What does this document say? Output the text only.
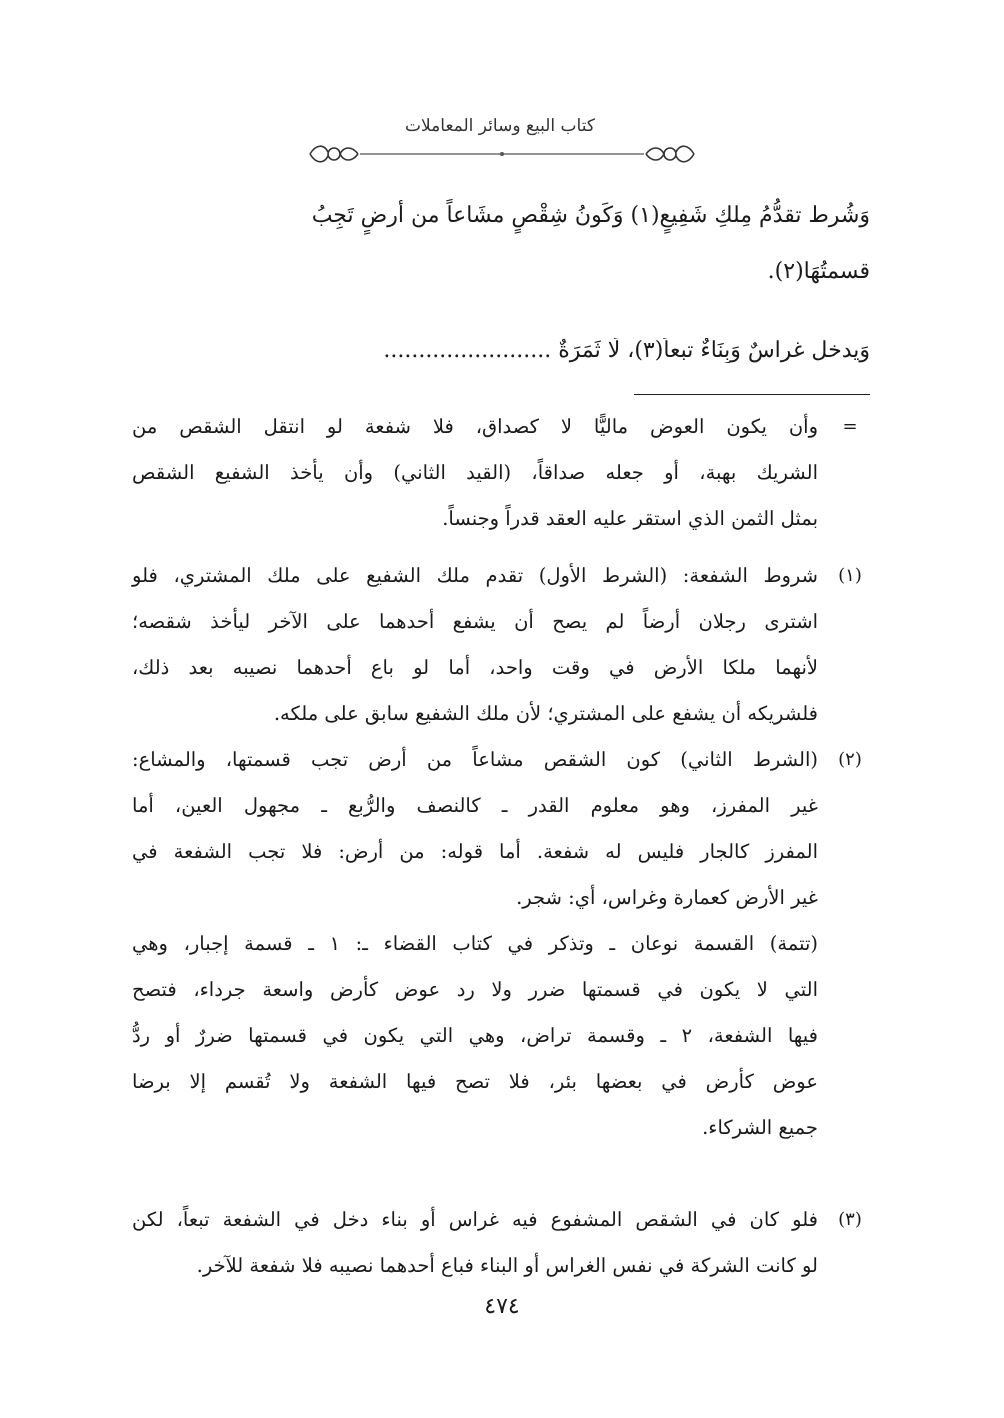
كتاب البيع وسائر المعاملات
وَشُرط تقدُّمُ مِلكِ شَفِيعٍ(١) وَكَونُ شِقْصٍ مشَاعاً من أرضٍ تَجِبُ
قسمتُهَا(٢).
وَيدخل غراسٌ وَبِنَاءٌ تبعاً(٣)، لَا ثَمَرَةٌ ........................
=
وأن يكون العوض ماليًّا لا كصداق، فلا شفعة لو انتقل الشقص من
الشريك بهبة، أو جعله صداقاً، (القيد الثاني) وأن يأخذ الشفيع الشقص
بمثل الثمن الذي استقر عليه العقد قدراً وجنساً.
(١)
شروط الشفعة: (الشرط الأول) تقدم ملك الشفيع على ملك المشتري، فلو
اشترى رجلان أرضاً لم يصح أن يشفع أحدهما على الآخر ليأخذ شقصه؛
لأنهما ملكا الأرض في وقت واحد، أما لو باع أحدهما نصيبه بعد ذلك،
فلشريكه أن يشفع على المشتري؛ لأن ملك الشفيع سابق على ملكه.
(٢)
(الشرط الثاني) كون الشقص مشاعاً من أرض تجب قسمتها، والمشاع:
غير المفرز، وهو معلوم القدر ـ كالنصف والرُّبع ـ مجهول العين، أما
المفرز كالجار فليس له شفعة. أما قوله: من أرض: فلا تجب الشفعة في
غير الأرض كعمارة وغراس، أي: شجر.
(تتمة) القسمة نوعان ـ وتذكر في كتاب القضاء ـ: ١ ـ قسمة إجبار، وهي
التي لا يكون في قسمتها ضرر ولا رد عوض كأرض واسعة جرداء، فتصح
فيها الشفعة، ٢ ـ وقسمة تراض، وهي التي يكون في قسمتها ضررٌ أو ردُّ
عوض كأرض في بعضها بئر، فلا تصح فيها الشفعة ولا تُقسم إلا برضا
جميع الشركاء.
(٣)
فلو كان في الشقص المشفوع فيه غراس أو بناء دخل في الشفعة تبعاً، لكن
لو كانت الشركة في نفس الغراس أو البناء فباع أحدهما نصيبه فلا شفعة للآخر.
٤٧٤
